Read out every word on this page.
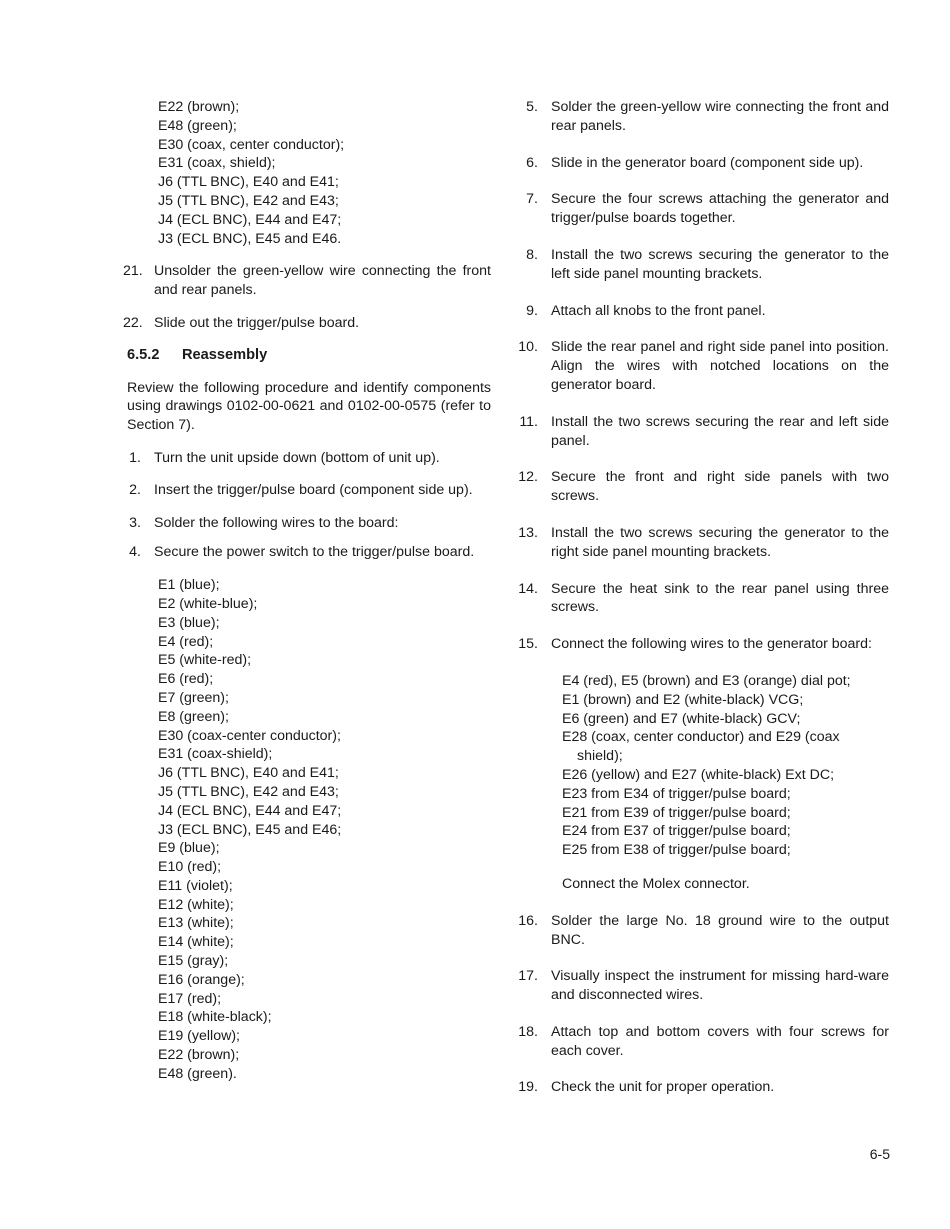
E22 (brown);
E48 (green);
E30 (coax, center conductor);
E31 (coax, shield);
J6 (TTL BNC), E40 and E41;
J5 (TTL BNC), E42 and E43;
J4 (ECL BNC), E44 and E47;
J3 (ECL BNC), E45 and E46.
21. Unsolder the green-yellow wire connecting the front and rear panels.
22. Slide out the trigger/pulse board.
6.5.2 Reassembly
Review the following procedure and identify components using drawings 0102-00-0621 and 0102-00-0575 (refer to Section 7).
1. Turn the unit upside down (bottom of unit up).
2. Insert the trigger/pulse board (component side up).
3. Solder the following wires to the board:
4. Secure the power switch to the trigger/pulse board.
E1 (blue);
E2 (white-blue);
E3 (blue);
E4 (red);
E5 (white-red);
E6 (red);
E7 (green);
E8 (green);
E30 (coax-center conductor);
E31 (coax-shield);
J6 (TTL BNC), E40 and E41;
J5 (TTL BNC), E42 and E43;
J4 (ECL BNC), E44 and E47;
J3 (ECL BNC), E45 and E46;
E9 (blue);
E10 (red);
E11 (violet);
E12 (white);
E13 (white);
E14 (white);
E15 (gray);
E16 (orange);
E17 (red);
E18 (white-black);
E19 (yellow);
E22 (brown);
E48 (green).
5. Solder the green-yellow wire connecting the front and rear panels.
6. Slide in the generator board (component side up).
7. Secure the four screws attaching the generator and trigger/pulse boards together.
8. Install the two screws securing the generator to the left side panel mounting brackets.
9. Attach all knobs to the front panel.
10. Slide the rear panel and right side panel into position. Align the wires with notched locations on the generator board.
11. Install the two screws securing the rear and left side panel.
12. Secure the front and right side panels with two screws.
13. Install the two screws securing the generator to the right side panel mounting brackets.
14. Secure the heat sink to the rear panel using three screws.
15. Connect the following wires to the generator board:
E4 (red), E5 (brown) and E3 (orange) dial pot;
E1 (brown) and E2 (white-black) VCG;
E6 (green) and E7 (white-black) GCV;
E28 (coax, center conductor) and E29 (coax
shield);
E26 (yellow) and E27 (white-black) Ext DC;
E23 from E34 of trigger/pulse board;
E21 from E39 of trigger/pulse board;
E24 from E37 of trigger/pulse board;
E25 from E38 of trigger/pulse board;
Connect the Molex connector.
16. Solder the large No. 18 ground wire to the output BNC.
17. Visually inspect the instrument for missing hard-ware and disconnected wires.
18. Attach top and bottom covers with four screws for each cover.
19. Check the unit for proper operation.
6-5
